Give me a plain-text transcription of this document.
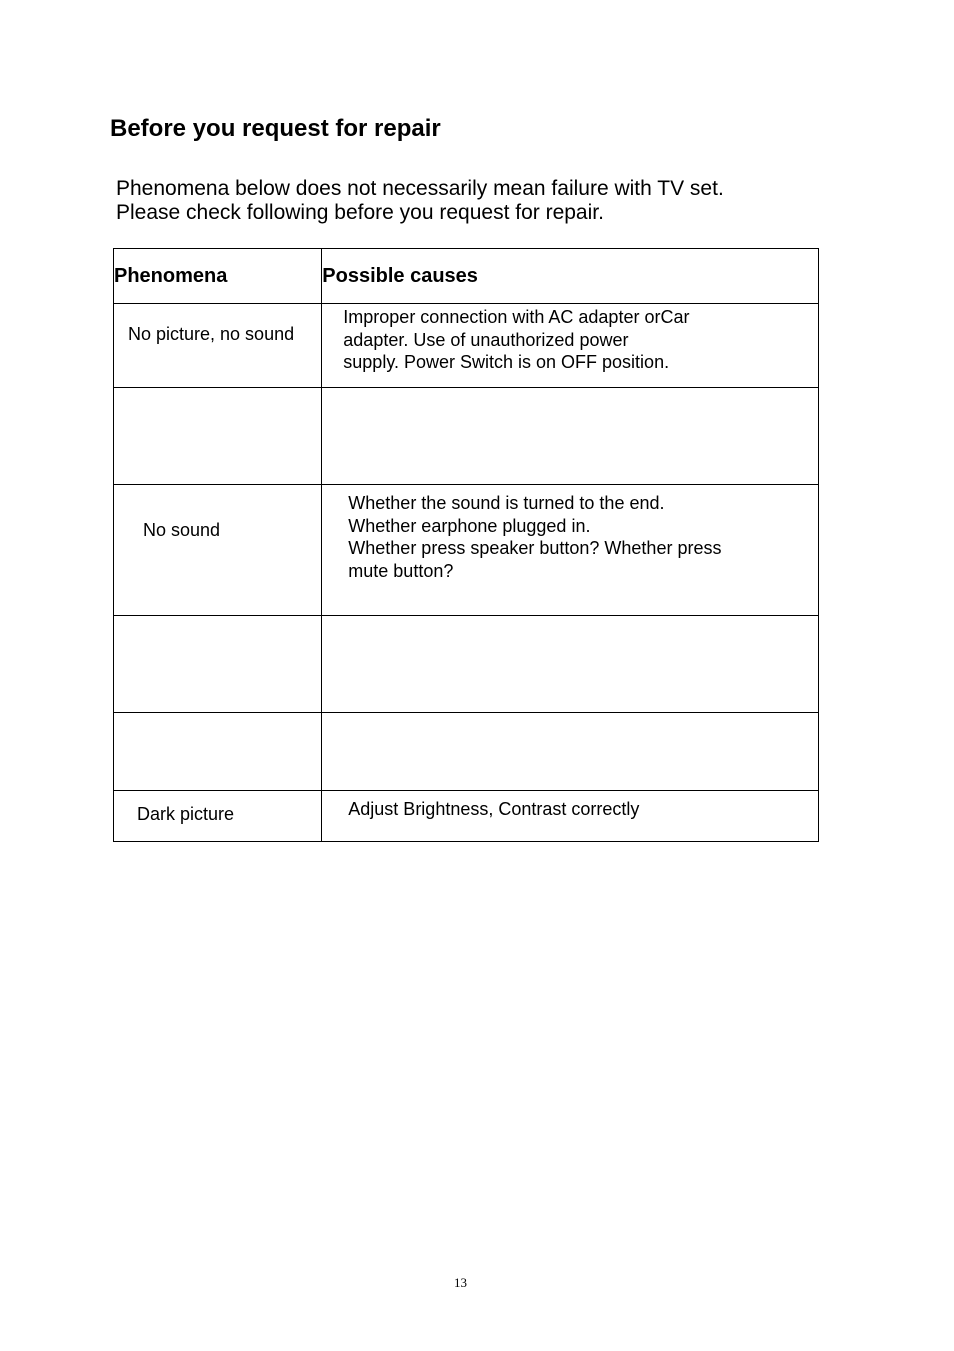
Before you request for repair
Phenomena below does not necessarily mean failure with TV set.
Please check following before you request for repair.
Phenomena	Possible causes

No picture, no sound	Improper connection with AC adapter orCar
adapter. Use of unauthorized power
supply. Power Switch is on OFF position.

No sound	Whether the sound is turned to the end.
Whether earphone plugged in.
Whether press speaker button? Whether press
mute button?

Dark picture	Adjust Brightness, Contrast correctly
13
